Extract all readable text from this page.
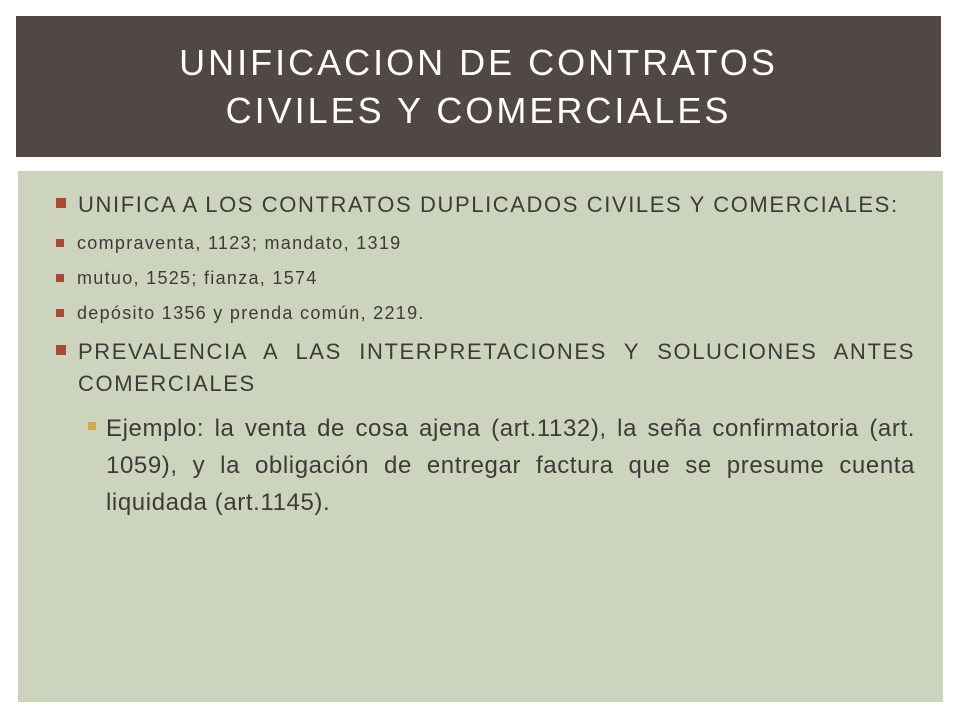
UNIFICACION DE CONTRATOS
CIVILES Y COMERCIALES
UNIFICA A LOS CONTRATOS DUPLICADOS CIVILES Y COMERCIALES:
compraventa, 1123; mandato, 1319
mutuo, 1525; fianza, 1574
depósito 1356 y prenda común, 2219.
PREVALENCIA A LAS INTERPRETACIONES Y SOLUCIONES ANTES COMERCIALES
Ejemplo: la venta de cosa ajena (art.1132), la seña confirmatoria (art. 1059), y la obligación de entregar factura que se presume cuenta liquidada (art.1145).
